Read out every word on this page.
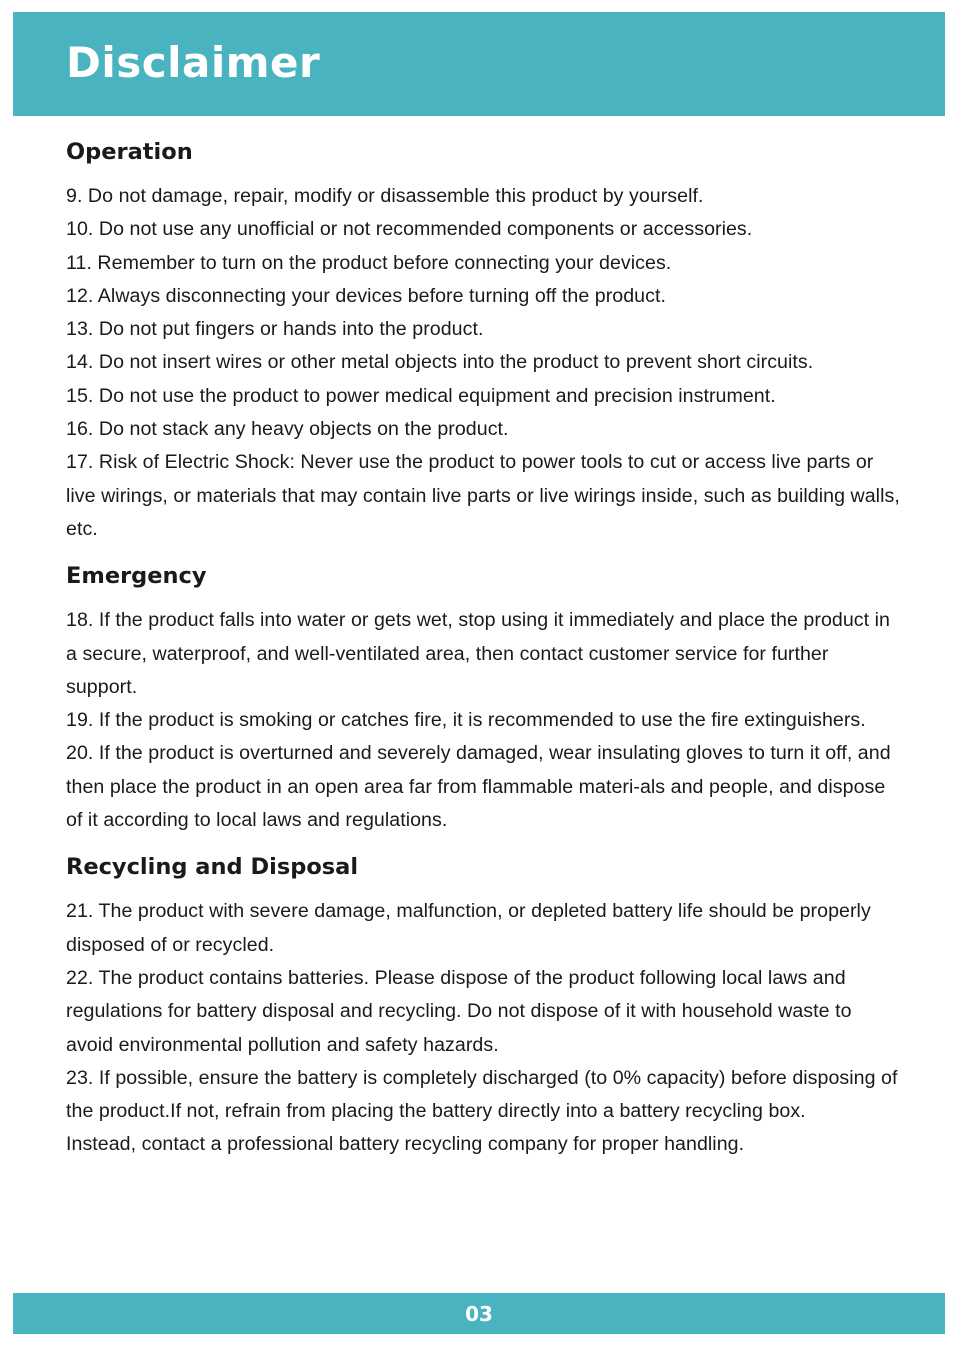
Disclaimer
Operation

9. Do not damage, repair, modify or disassemble this product by yourself.

10. Do not use any unofficial or not recommended components or accessories.

11. Remember to turn on the product before connecting your devices.

12. Always disconnecting your devices before turning off the product.

13. Do not put fingers or hands into the product.

14. Do not insert wires or other metal objects into the product to prevent short circuits.

15. Do not use the product to power medical equipment and precision instrument.

16. Do not stack any heavy objects on the product.

17. Risk of Electric Shock: Never use the product to power tools to cut or access live parts or live wirings, or materials that may contain live parts or live wirings inside, such as building walls, etc.

Emergency

18. If the product falls into water or gets wet, stop using it immediately and place the product in a secure, waterproof, and well-ventilated area, then contact customer service for further support.

19. If the product is smoking or catches fire, it is recommended to use the fire extinguishers.

20. If the product is overturned and severely damaged, wear insulating gloves to turn it off, and then place the product in an open area far from flammable materi-als and people, and dispose of it according to local laws and regulations.

Recycling and Disposal

21. The product with severe damage, malfunction, or depleted battery life should be properly disposed of or recycled.

22. The product contains batteries. Please dispose of the product following local laws and regulations for battery disposal and recycling. Do not dispose of it with household waste to avoid environmental pollution and safety hazards.

23. If possible, ensure the battery is completely discharged (to 0% capacity) before disposing of the product.If not, refrain from placing the battery directly into a battery recycling box.

Instead, contact a professional battery recycling company for proper handling.

03
